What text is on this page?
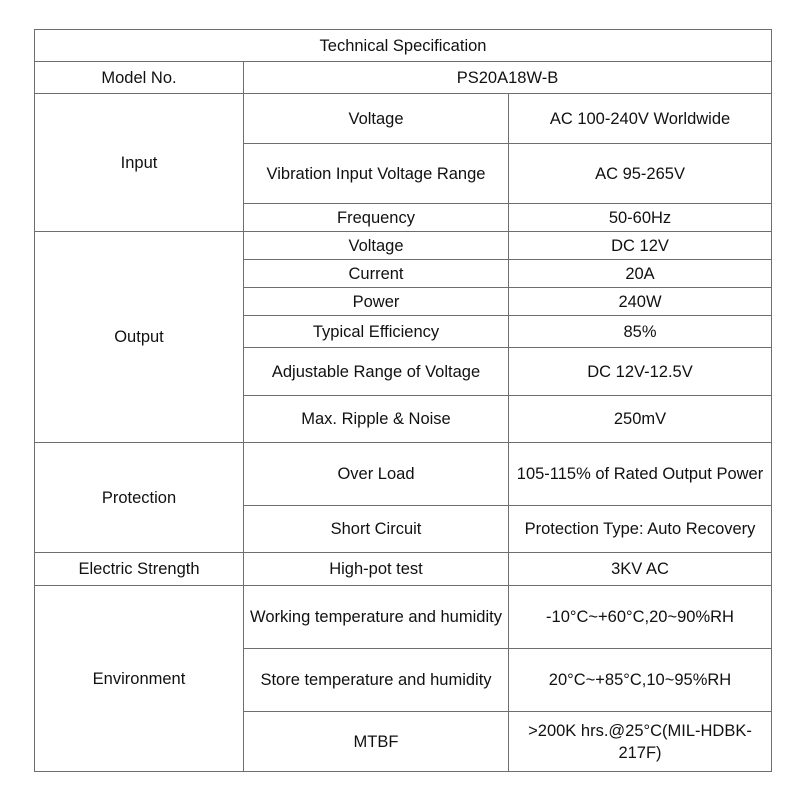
Technical Specification		
Model No.	PS20A18W-B	
Input	Voltage	AC 100-240V Worldwide
	Vibration Input Voltage Range	AC 95-265V
	Frequency	50-60Hz
Output	Voltage	DC 12V
	Current	20A
	Power	240W
	Typical Efficiency	85%
	Adjustable Range of Voltage	DC 12V-12.5V
	Max. Ripple & Noise	250mV
Protection	Over Load	105-115% of Rated Output Power
	Short Circuit	Protection Type: Auto Recovery
Electric Strength	High-pot test	3KV AC
Environment	Working temperature and humidity	-10°C~+60°C,20~90%RH
	Store temperature and humidity	20°C~+85°C,10~95%RH
	MTBF	>200K hrs.@25°C(MIL-HDBK-217F)
